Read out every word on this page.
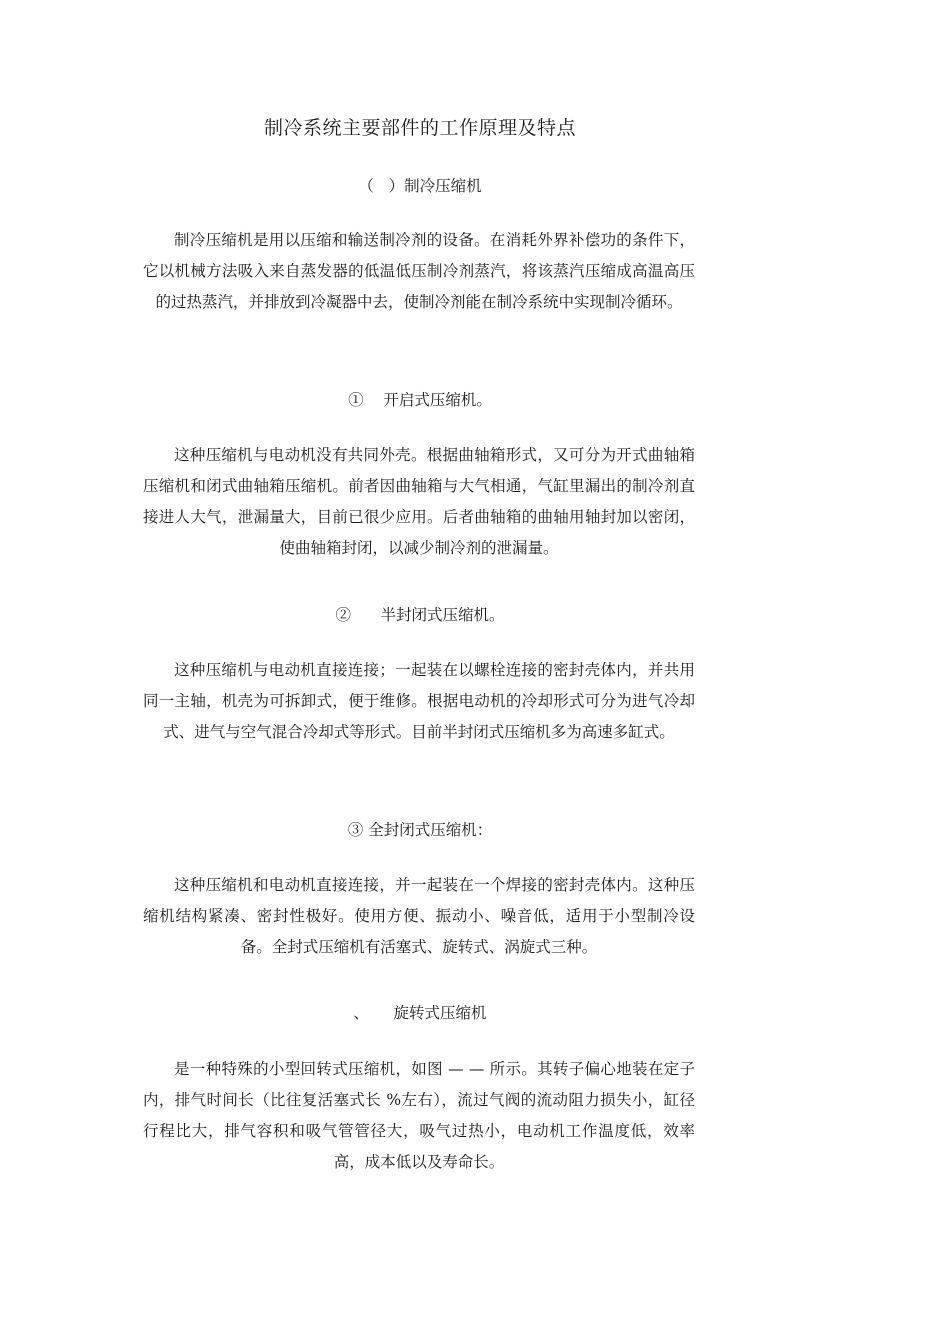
制冷系统主要部件的工作原理及特点
（   ）制冷压缩机

制冷压缩机是用以压缩和输送制冷剂的设备。在消耗外界补偿功的条件下，它以机械方法吸入来自蒸发器的低温低压制冷剂蒸汽，将该蒸汽压缩成高温高压的过热蒸汽，并排放到冷凝器中去，使制冷剂能在制冷系统中实现制冷循环。

①    开启式压缩机。

这种压缩机与电动机没有共同外壳。根据曲轴箱形式，又可分为开式曲轴箱压缩机和闭式曲轴箱压缩机。前者因曲轴箱与大气相通，气缸里漏出的制冷剂直接进人大气，泄漏量大，目前已很少应用。后者曲轴箱的曲轴用轴封加以密闭，使曲轴箱封闭，以减少制冷剂的泄漏量。

②      半封闭式压缩机。

这种压缩机与电动机直接连接；一起装在以螺栓连接的密封壳体内，并共用同一主轴，机壳为可拆卸式，便于维修。根据电动机的冷却形式可分为进气冷却式、进气与空气混合冷却式等形式。目前半封闭式压缩机多为高速多缸式。

③ 全封闭式压缩机：

这种压缩机和电动机直接连接，并一起装在一个焊接的密封壳体内。这种压缩机结构紧凑、密封性极好。使用方便、振动小、噪音低，适用于小型制冷设备。全封式压缩机有活塞式、旋转式、涡旋式三种。

、     旋转式压缩机

是一种特殊的小型回转式压缩机，如图 — — 所示。其转子偏心地装在定子内，排气时间长（比往复活塞式长 %左右），流过气阀的流动阻力损失小，缸径行程比大，排气容积和吸气管管径大，吸气过热小，电动机工作温度低，效率高，成本低以及寿命长。
